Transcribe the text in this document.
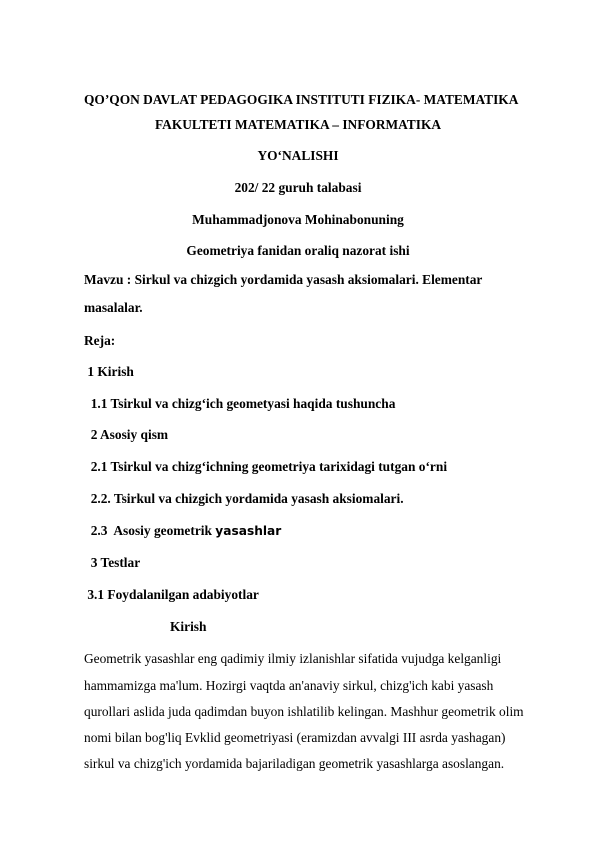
QO’QON DAVLAT PEDAGOGIKA INSTITUTI FIZIKA- MATEMATIKA
FAKULTETI MATEMATIKA – INFORMATIKA
YO‘NALISHI
202/ 22 guruh talabasi
Muhammadjonova Mohinabonuning
Geometriya fanidan oraliq nazorat ishi
Mavzu : Sirkul va chizgich yordamida yasash aksiomalari. Elementar
masalalar.
Reja:
1 Kirish
1.1 Tsirkul va chizg‘ich geometyasi haqida tushuncha
2 Asosiy qism
2.1 Tsirkul va chizg‘ichning geometriya tarixidagi tutgan o‘rni
2.2. Tsirkul va chizgich yordamida yasash aksiomalari.
2.3  Asosiy geometrik yasashlar
3 Testlar
3.1 Foydalanilgan adabiyotlar
Kirish
Geometrik yasashlar eng qadimiy ilmiy izlanishlar sifatida vujudga kelganligi
hammamizga ma'lum. Hozirgi vaqtda an'anaviy sirkul, chizg'ich kabi yasash
qurollari aslida juda qadimdan buyon ishlatilib kelingan. Mashhur geometrik olim
nomi bilan bog'liq Evklid geometriyasi (eramizdan avvalgi III asrda yashagan)
sirkul va chizg'ich yordamida bajariladigan geometrik yasashlarga asoslangan.
